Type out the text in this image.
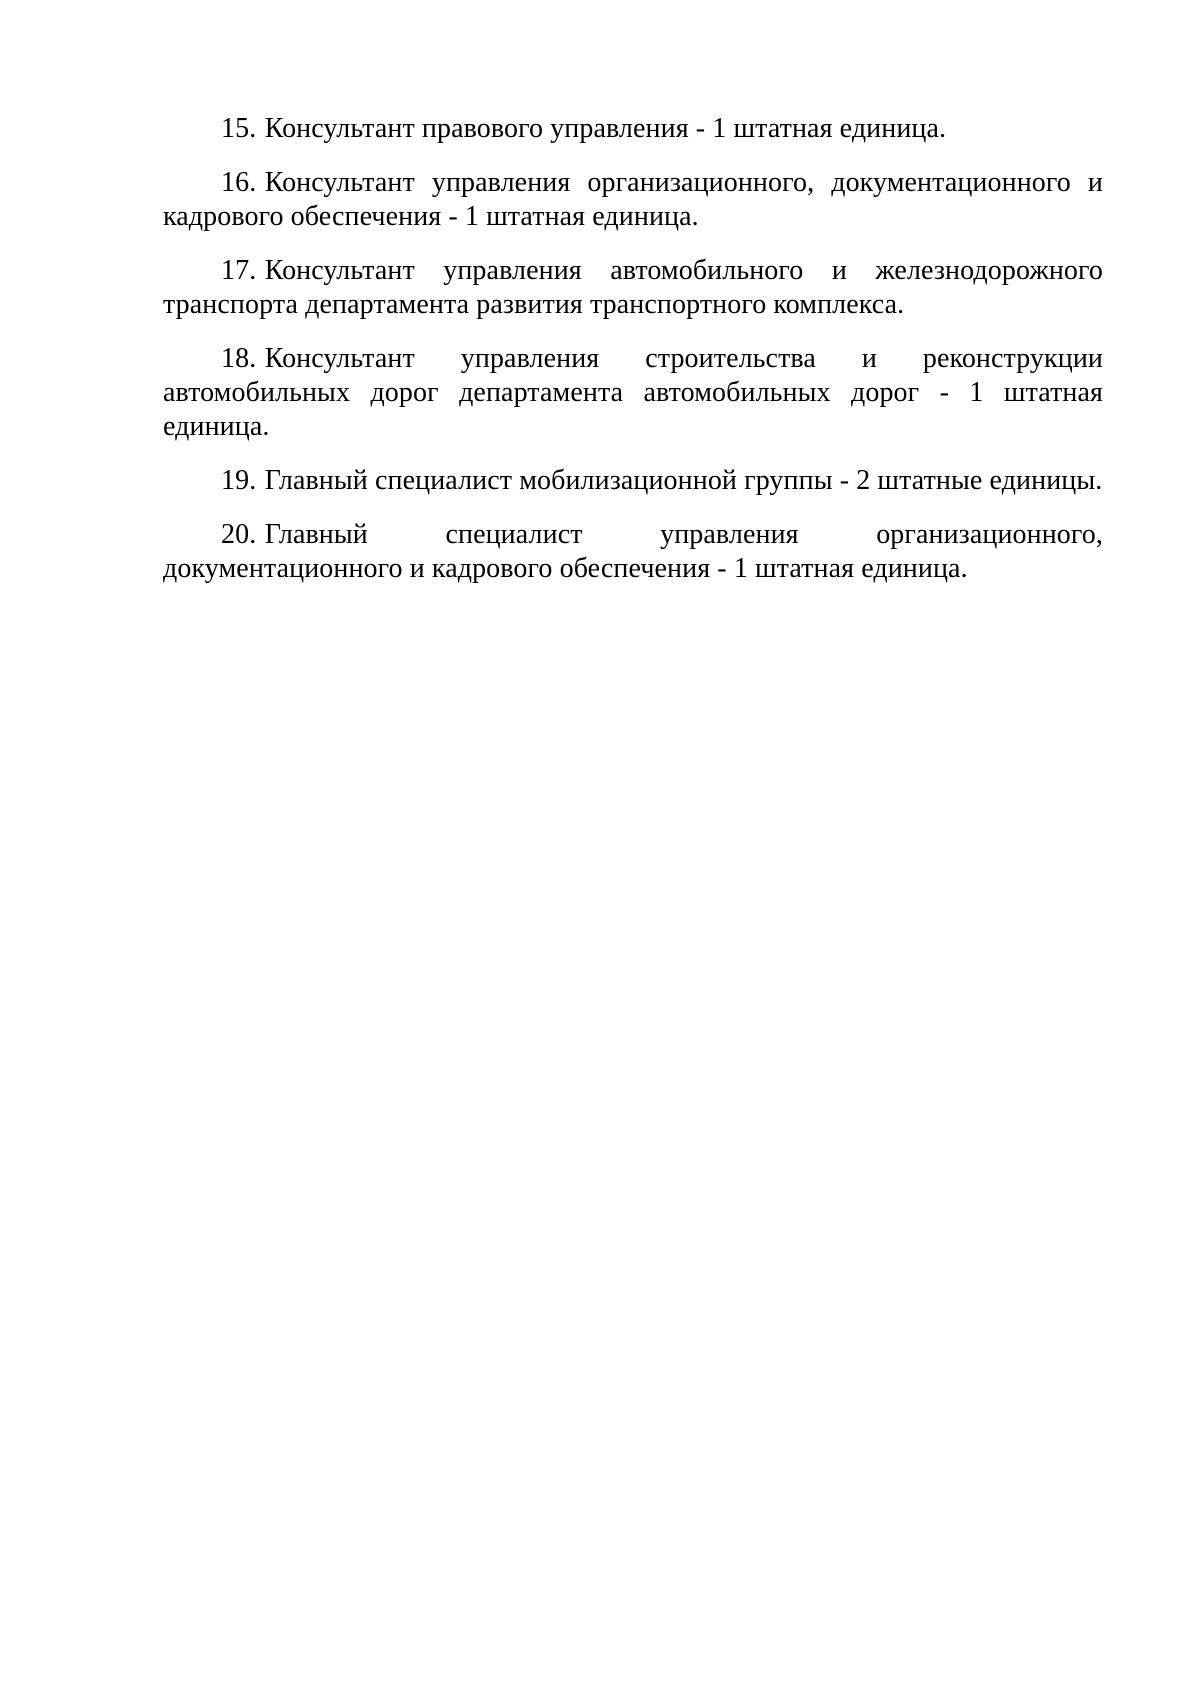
15. Консультант правового управления - 1 штатная единица.

16. Консультант управления организационного, документационного и кадрового обеспечения - 1 штатная единица.

17. Консультант управления автомобильного и железнодорожного транспорта департамента развития транспортного комплекса.

18. Консультант управления строительства и реконструкции автомобильных дорог департамента автомобильных дорог - 1 штатная единица.

19. Главный специалист мобилизационной группы - 2 штатные единицы.

20. Главный специалист управления организационного, документационного и кадрового обеспечения - 1 штатная единица.
